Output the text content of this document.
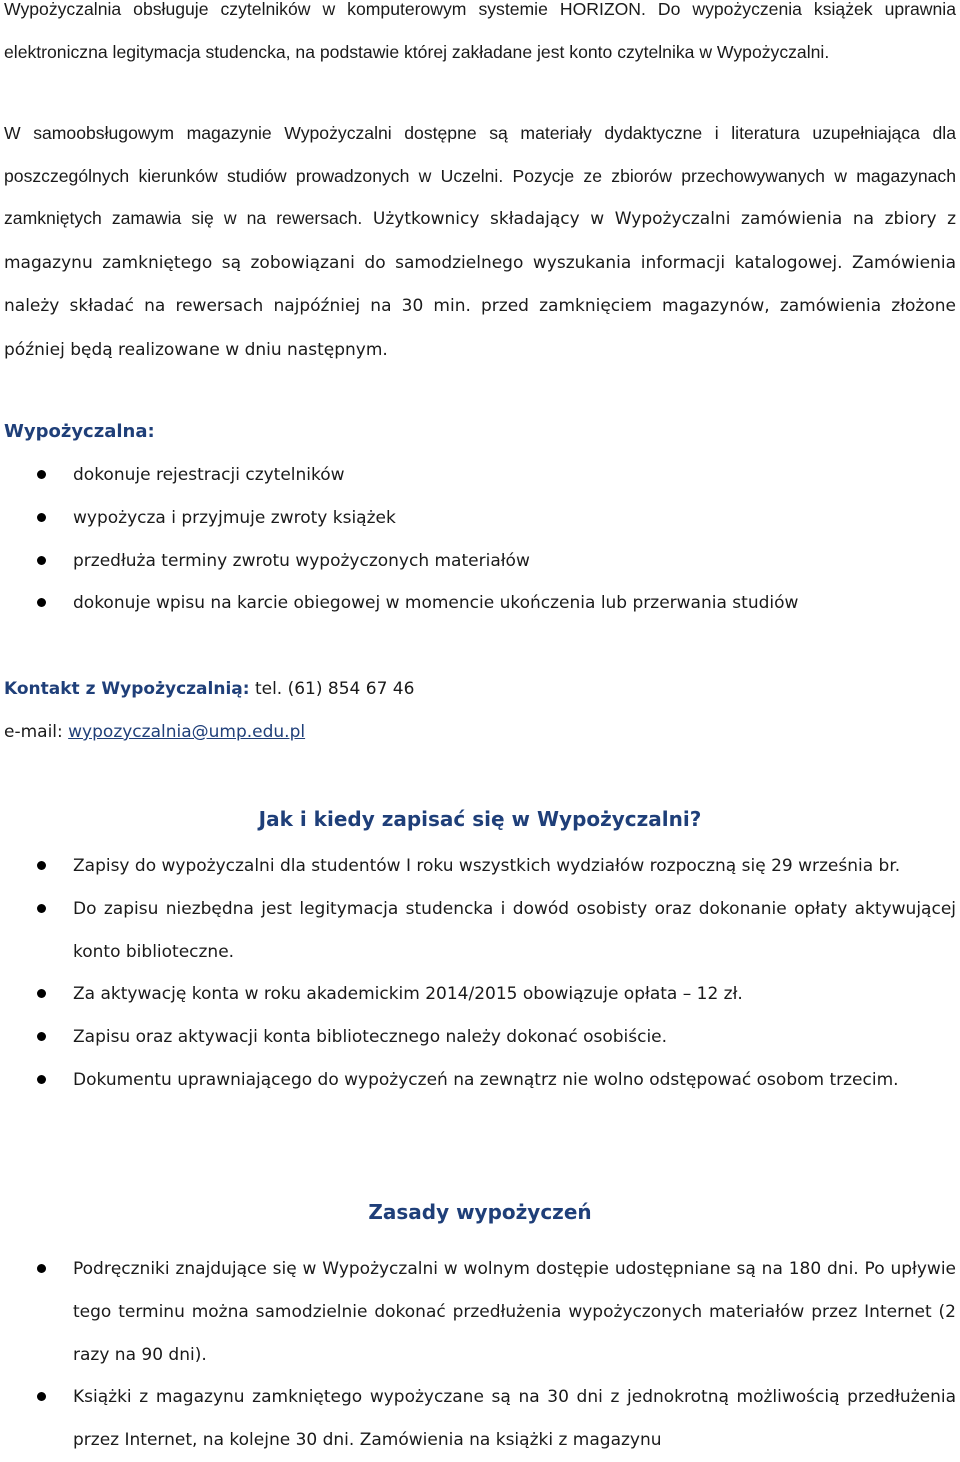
Wypożyczalnia obsługuje czytelników w komputerowym systemie HORIZON. Do wypożyczenia książek uprawnia elektroniczna legitymacja studencka, na podstawie której zakładane jest konto czytelnika w Wypożyczalni.

W samoobsługowym magazynie Wypożyczalni dostępne są materiały dydaktyczne i literatura uzupełniająca dla poszczególnych kierunków studiów prowadzonych w Uczelni. Pozycje ze zbiorów przechowywanych w magazynach zamkniętych zamawia się w na rewersach. Użytkownicy składający w Wypożyczalni zamówienia na zbiory z magazynu zamkniętego są zobowiązani do samodzielnego wyszukania informacji katalogowej. Zamówienia należy składać na rewersach najpóźniej na 30 min. przed zamknięciem magazynów, zamówienia złożone później będą realizowane w dniu następnym.

Wypożyczalna:

dokonuje rejestracji czytelników
wypożycza i przyjmuje zwroty książek
przedłuża terminy zwrotu wypożyczonych materiałów
dokonuje wpisu na karcie obiegowej w momencie ukończenia lub przerwania studiów

Kontakt z Wypożyczalnią: tel. (61) 854 67 46

e-mail: wypozyczalnia@ump.edu.pl

Jak i kiedy zapisać się w Wypożyczalni?

Zapisy do wypożyczalni dla studentów I roku wszystkich wydziałów rozpoczną się 29 września br.
Do zapisu niezbędna jest legitymacja studencka i dowód osobisty oraz dokonanie opłaty aktywującej konto biblioteczne.
Za aktywację konta w roku akademickim 2014/2015 obowiązuje opłata – 12 zł.
Zapisu oraz aktywacji konta bibliotecznego należy dokonać osobiście.
Dokumentu uprawniającego do wypożyczeń na zewnątrz nie wolno odstępować osobom trzecim.

Zasady wypożyczeń

Podręczniki znajdujące się w Wypożyczalni w wolnym dostępie udostępniane są na 180 dni. Po upływie tego terminu można samodzielnie dokonać przedłużenia wypożyczonych materiałów przez Internet (2 razy na 90 dni).
Książki z magazynu zamkniętego wypożyczane są na 30 dni z jednokrotną możliwością przedłużenia przez Internet, na kolejne 30 dni. Zamówienia na książki z magazynu
